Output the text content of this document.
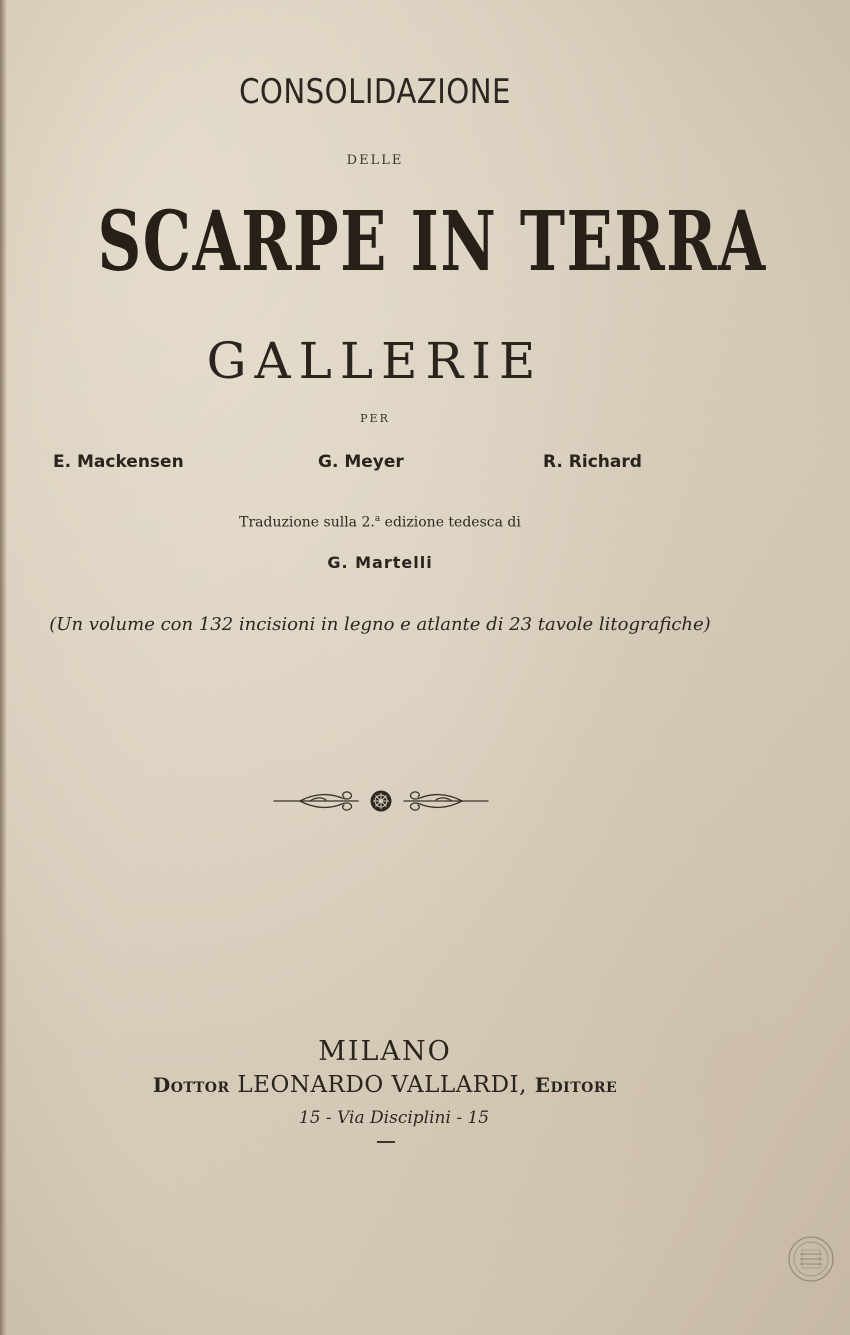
CONSOLIDAZIONE
DELLE
SCARPE IN TERRA
GALLERIE
PER
E. Mackensen	G. Meyer	R. Richard
Traduzione sulla 2.$^a$ edizione tedesca di
G. Martelli
(Un volume con 132 incisioni in legno e atlante di 23 tavole litografiche)
MILANO
Dottor LEONARDO VALLARDI, Editore
15 - Via Disciplini - 15
